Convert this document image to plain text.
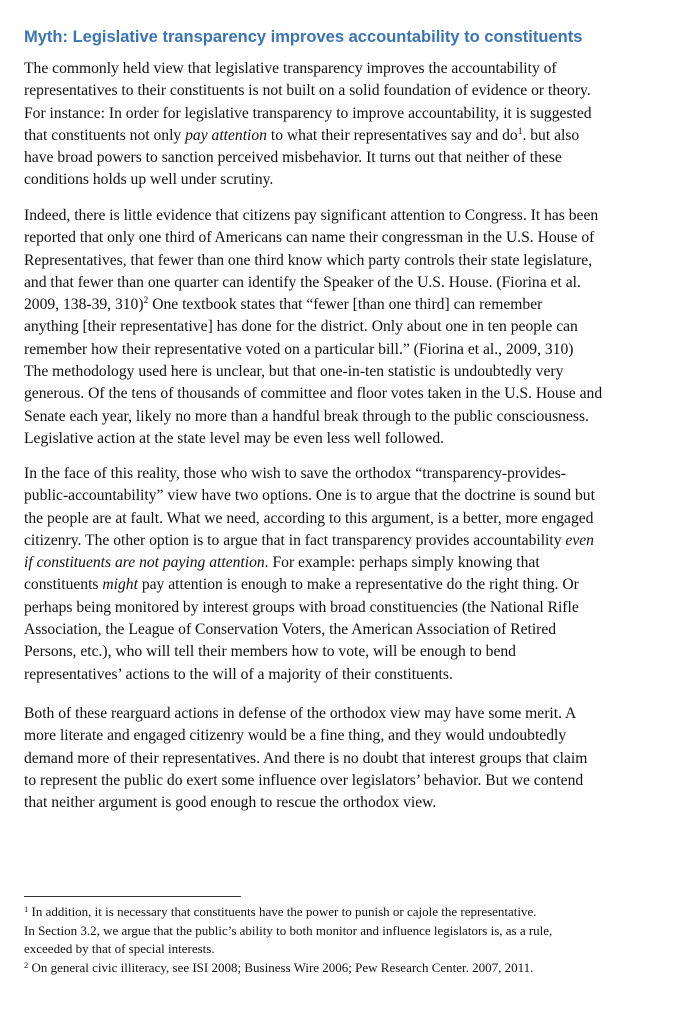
Myth: Legislative transparency improves accountability to constituents

The commonly held view that legislative transparency improves the accountability of
representatives to their constituents is not built on a solid foundation of evidence or theory.
For instance: In order for legislative transparency to improve accountability, it is suggested
that constituents not only pay attention to what their representatives say and $do^1$. but also
have broad powers to sanction perceived misbehavior. It turns out that neither of these
conditions holds up well under scrutiny.

Indeed, there is little evidence that citizens pay significant attention to Congress. It has been
reported that only one third of Americans can name their congressman in the U.S. House of
Representatives, that fewer than one third know which party controls their state legislature,
and that fewer than one quarter can identify the Speaker of the U.S. House. (Fiorina et al.
2009, 138-39, 310)$^2$ One textbook states that “fewer [than one third] can remember
anything [their representative] has done for the district. Only about one in ten people can
remember how their representative voted on a particular bill.” (Fiorina et al., 2009, 310)
The methodology used here is unclear, but that one-in-ten statistic is undoubtedly very
generous. Of the tens of thousands of committee and floor votes taken in the U.S. House and
Senate each year, likely no more than a handful break through to the public consciousness.
Legislative action at the state level may be even less well followed.

In the face of this reality, those who wish to save the orthodox “transparency-provides-
public-accountability” view have two options. One is to argue that the doctrine is sound but
the people are at fault. What we need, according to this argument, is a better, more engaged
citizenry. The other option is to argue that in fact transparency provides accountability even
if constituents are not paying attention. For example: perhaps simply knowing that
constituents might pay attention is enough to make a representative do the right thing. Or
perhaps being monitored by interest groups with broad constituencies (the National Rifle
Association, the League of Conservation Voters, the American Association of Retired
Persons, etc.), who will tell their members how to vote, will be enough to bend
representatives’ actions to the will of a majority of their constituents.

Both of these rearguard actions in defense of the orthodox view may have some merit. A
more literate and engaged citizenry would be a fine thing, and they would undoubtedly
demand more of their representatives. And there is no doubt that interest groups that claim
to represent the public do exert some influence over legislators’ behavior. But we contend
that neither argument is good enough to rescue the orthodox view.

$^1$ In addition, it is necessary that constituents have the power to punish or cajole the representative.
In Section 3.2, we argue that the public’s ability to both monitor and influence legislators is, as a rule,
exceeded by that of special interests.
$^2$ On general civic illiteracy, see ISI 2008; Business Wire 2006; Pew Research Center. 2007, 2011.
